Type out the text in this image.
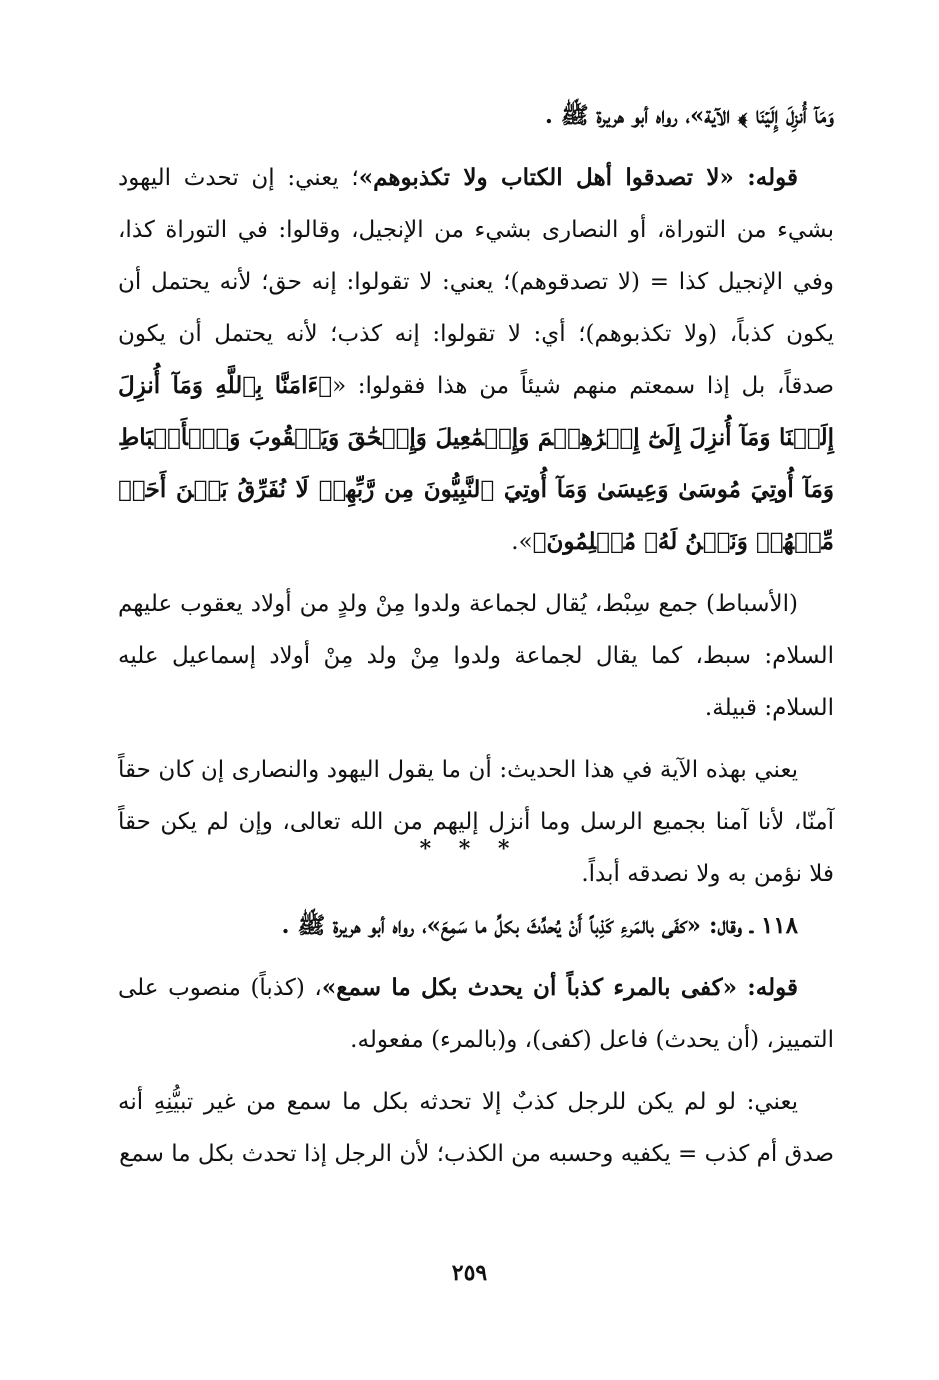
وَمَآ أُنزِلَ إِلَيۡنَا ﴾ الآية»، رواه أبو هريرة ﷺ .

قوله: «لا تصدقوا أهل الكتاب ولا تكذبوهم»؛ يعني: إن تحدث اليهود بشيء من التوراة، أو النصارى بشيء من الإنجيل، وقالوا: في التوراة كذا، وفي الإنجيل كذا = (لا تصدقوهم)؛ يعني: لا تقولوا: إنه حق؛ لأنه يحتمل أن يكون كذباً، (ولا تكذبوهم)؛ أي: لا تقولوا: إنه كذب؛ لأنه يحتمل أن يكون صدقاً، بل إذا سمعتم منهم شيئاً من هذا فقولوا: «﴿ءَامَنَّا بِٱللَّهِ وَمَآ أُنزِلَ إِلَيۡنَا وَمَآ أُنزِلَ إِلَىٰٓ إِبۡرَٰهِـۧمَ وَإِسۡمَٰعِيلَ وَإِسۡحَٰقَ وَيَعۡقُوبَ وَٱلۡأَسۡبَاطِ وَمَآ أُوتِيَ مُوسَىٰ وَعِيسَىٰ وَمَآ أُوتِيَ ٱلنَّبِيُّونَ مِن رَّبِّهِمۡ لَا نُفَرِّقُ بَيۡنَ أَحَدٖ مِّنۡهُمۡ وَنَحۡنُ لَهُۥ مُسۡلِمُونَ﴾».

(الأسباط) جمع سِبْط، يُقال لجماعة ولدوا مِنْ ولدٍ من أولاد يعقوب عليهم السلام: سبط، كما يقال لجماعة ولدوا مِنْ ولد مِنْ أولاد إسماعيل عليه السلام: قبيلة.

يعني بهذه الآية في هذا الحديث: أن ما يقول اليهود والنصارى إن كان حقاً آمنّا، لأنا آمنا بجميع الرسل وما أنزل إليهم من الله تعالى، وإن لم يكن حقاً فلا نؤمن به ولا نصدقه أبداً.

* * *

١١٨ ـ وقال: «كفَى بالمَرءِ كَذِباً أَنْ يُحدِّثَ بكلِّ ما سَمِعَ»، رواه أبو هريرة ﷺ .

قوله: «كفى بالمرء كذباً أن يحدث بكل ما سمع»، (كذباً) منصوب على التمييز، (أن يحدث) فاعل (كفى)، و(بالمرء) مفعوله.

يعني: لو لم يكن للرجل كذبٌ إلا تحدثه بكل ما سمع من غير تبيُّنِهِ أنه صدق أم كذب = يكفيه وحسبه من الكذب؛ لأن الرجل إذا تحدث بكل ما سمع

٢٥٩
